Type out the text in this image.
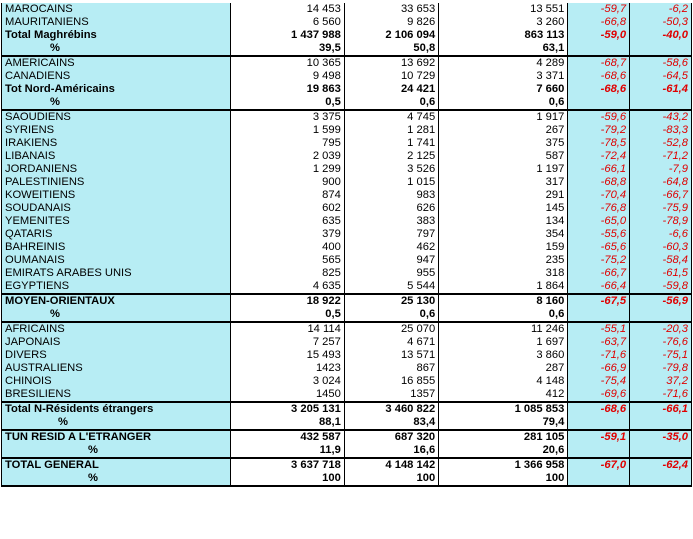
MAROCAINS	14 453	33 653	13 551	-59,7	-6,2
MAURITANIENS	6 560	9 826	3 260	-66,8	-50,3
Total Maghrébins	1 437 988	2 106 094	863 113	-59,0	-40,0
%	39,5	50,8	63,1		
AMERICAINS	10 365	13 692	4 289	-68,7	-58,6
CANADIENS	9 498	10 729	3 371	-68,6	-64,5
Tot Nord-Américains	19 863	24 421	7 660	-68,6	-61,4
%	0,5	0,6	0,6		
SAOUDIENS	3 375	4 745	1 917	-59,6	-43,2
SYRIENS	1 599	1 281	267	-79,2	-83,3
IRAKIENS	795	1 741	375	-78,5	-52,8
LIBANAIS	2 039	2 125	587	-72,4	-71,2
JORDANIENS	1 299	3 526	1 197	-66,1	-7,9
PALESTINIENS	900	1 015	317	-68,8	-64,8
KOWEITIENS	874	983	291	-70,4	-66,7
SOUDANAIS	602	626	145	-76,8	-75,9
YEMENITES	635	383	134	-65,0	-78,9
QATARIS	379	797	354	-55,6	-6,6
BAHREINIS	400	462	159	-65,6	-60,3
OUMANAIS	565	947	235	-75,2	-58,4
EMIRATS ARABES UNIS	825	955	318	-66,7	-61,5
EGYPTIENS	4 635	5 544	1 864	-66,4	-59,8
MOYEN-ORIENTAUX	18 922	25 130	8 160	-67,5	-56,9
%	0,5	0,6	0,6		
AFRICAINS	14 114	25 070	11 246	-55,1	-20,3
JAPONAIS	7 257	4 671	1 697	-63,7	-76,6
DIVERS	15 493	13 571	3 860	-71,6	-75,1
AUSTRALIENS	1423	867	287	-66,9	-79,8
CHINOIS	3 024	16 855	4 148	-75,4	37,2
BRESILIENS	1450	1357	412	-69,6	-71,6
Total N-Résidents étrangers	3 205 131	3 460 822	1 085 853	-68,6	-66,1
%	88,1	83,4	79,4		
TUN RESID A L'ETRANGER	432 587	687 320	281 105	-59,1	-35,0
%	11,9	16,6	20,6		
TOTAL GENERAL	3 637 718	4 148 142	1 366 958	-67,0	-62,4
%	100	100	100		
